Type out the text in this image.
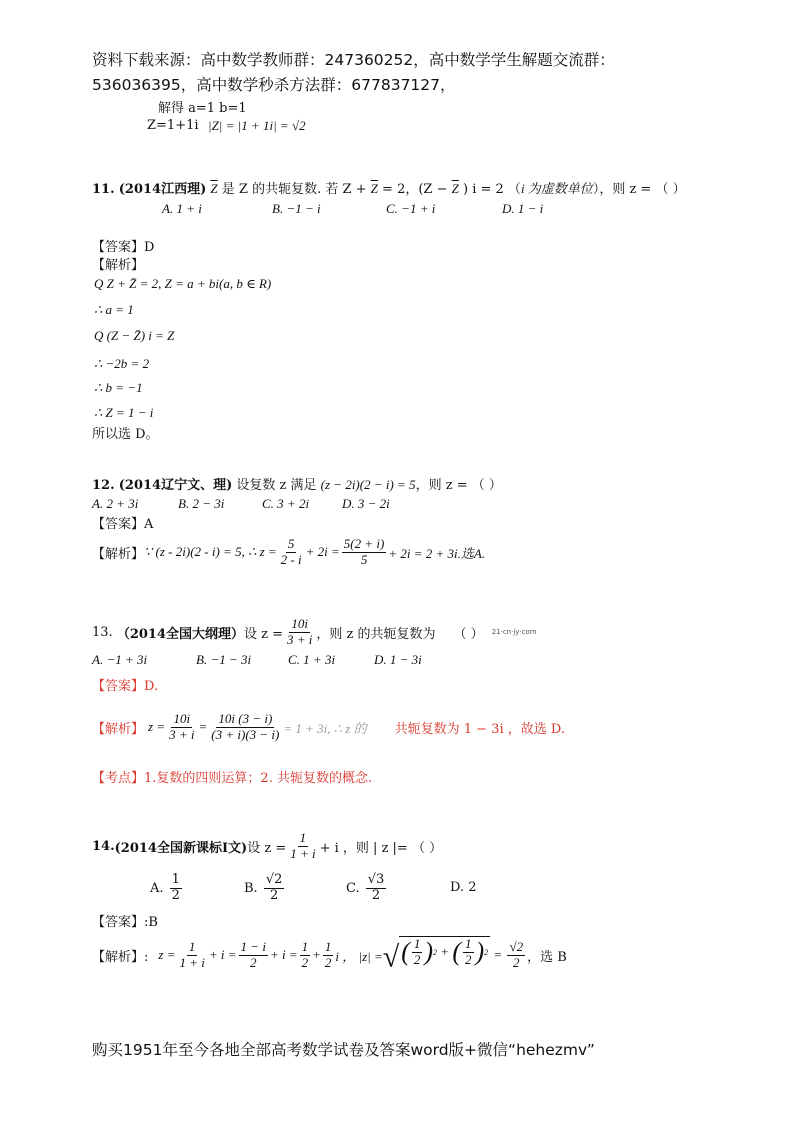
资料下载来源：高中数学教师群：247360252，高中数学学生解题交流群：
536036395，高中数学秒杀方法群：677837127，
解得 a=1 b=1
Z=1+1i |Z| = |1 + 1i| = √2
11. (2014江西理) $\overline{Z}$ 是 Z 的共轭复数. 若 $Z + \overline{Z} = 2$，($Z - \overline{Z}$ ) i = 2 （i 为虚数单位），则 z = （ ）
A. 1 + i	B. −1 − i	C. −1 + i	D. 1 − i
【答案】D
【解析】
Q Z + Z̄ = 2, Z = a + bi(a, b ∈ R)
∴ a = 1
Q (Z − Z̄) i = Z
∴ −2b = 2
∴ b = −1
∴ Z = 1 − i
所以选 D。
12. (2014辽宁文、理) 设复数 z 满足 (z − 2i)(2 − i) = 5，则 z = （ ）
A. 2 + 3i	B. 2 − 3i	C. 3 + 2i	D. 3 − 2i
【答案】A
【解析】 ∵ (z - 2i)(2 - i) = 5, ∴ $z = \frac{5}{2 - i} + 2i = \frac{5(2 + i)}{5} + 2i = 2 + 3i$.选A.
13.
（2014全国大纲理） 设 $z = \frac{10i}{3 + i}$ ，则 z 的共轭复数为 （ ） 21·cn·jy·com
A. −1 + 3i	B. −1 − 3i	C. 1 + 3i	D. 1 − 3i
【答案】D.
【解析】 $z = \frac{10i}{3 + i} = \frac{10i (3 - i)}{(3 + i)(3 - i)} = 1 + 3i$, ∴ z 的 共轭复数为 1 − 3i ，故选 D.
【考点】1.复数的四则运算；2. 共轭复数的概念.
14. (2014全国新课标Ⅰ文) 设 $z = \frac{1}{1 + i} + i$ ，则 | z |= （ ）
A.
$\frac{1}{2}$	B.
$\frac{√2}{2}$	C.
$\frac{√3}{2}$	D. 2
【答案】:B
【解析】: $z = \frac{1}{1 + i} + i = \frac{1 - i}{2} + i = \frac{1}{2} + \frac{1}{2}$ i ， |z| = √ ( $\frac{1}{2}$ ) 2 + ( $\frac{1}{2}$ ) $2 = \frac{√2}{2}$ ，选 B
购买1951年至今各地全部高考数学试卷及答案word版+微信“hehezmv”
